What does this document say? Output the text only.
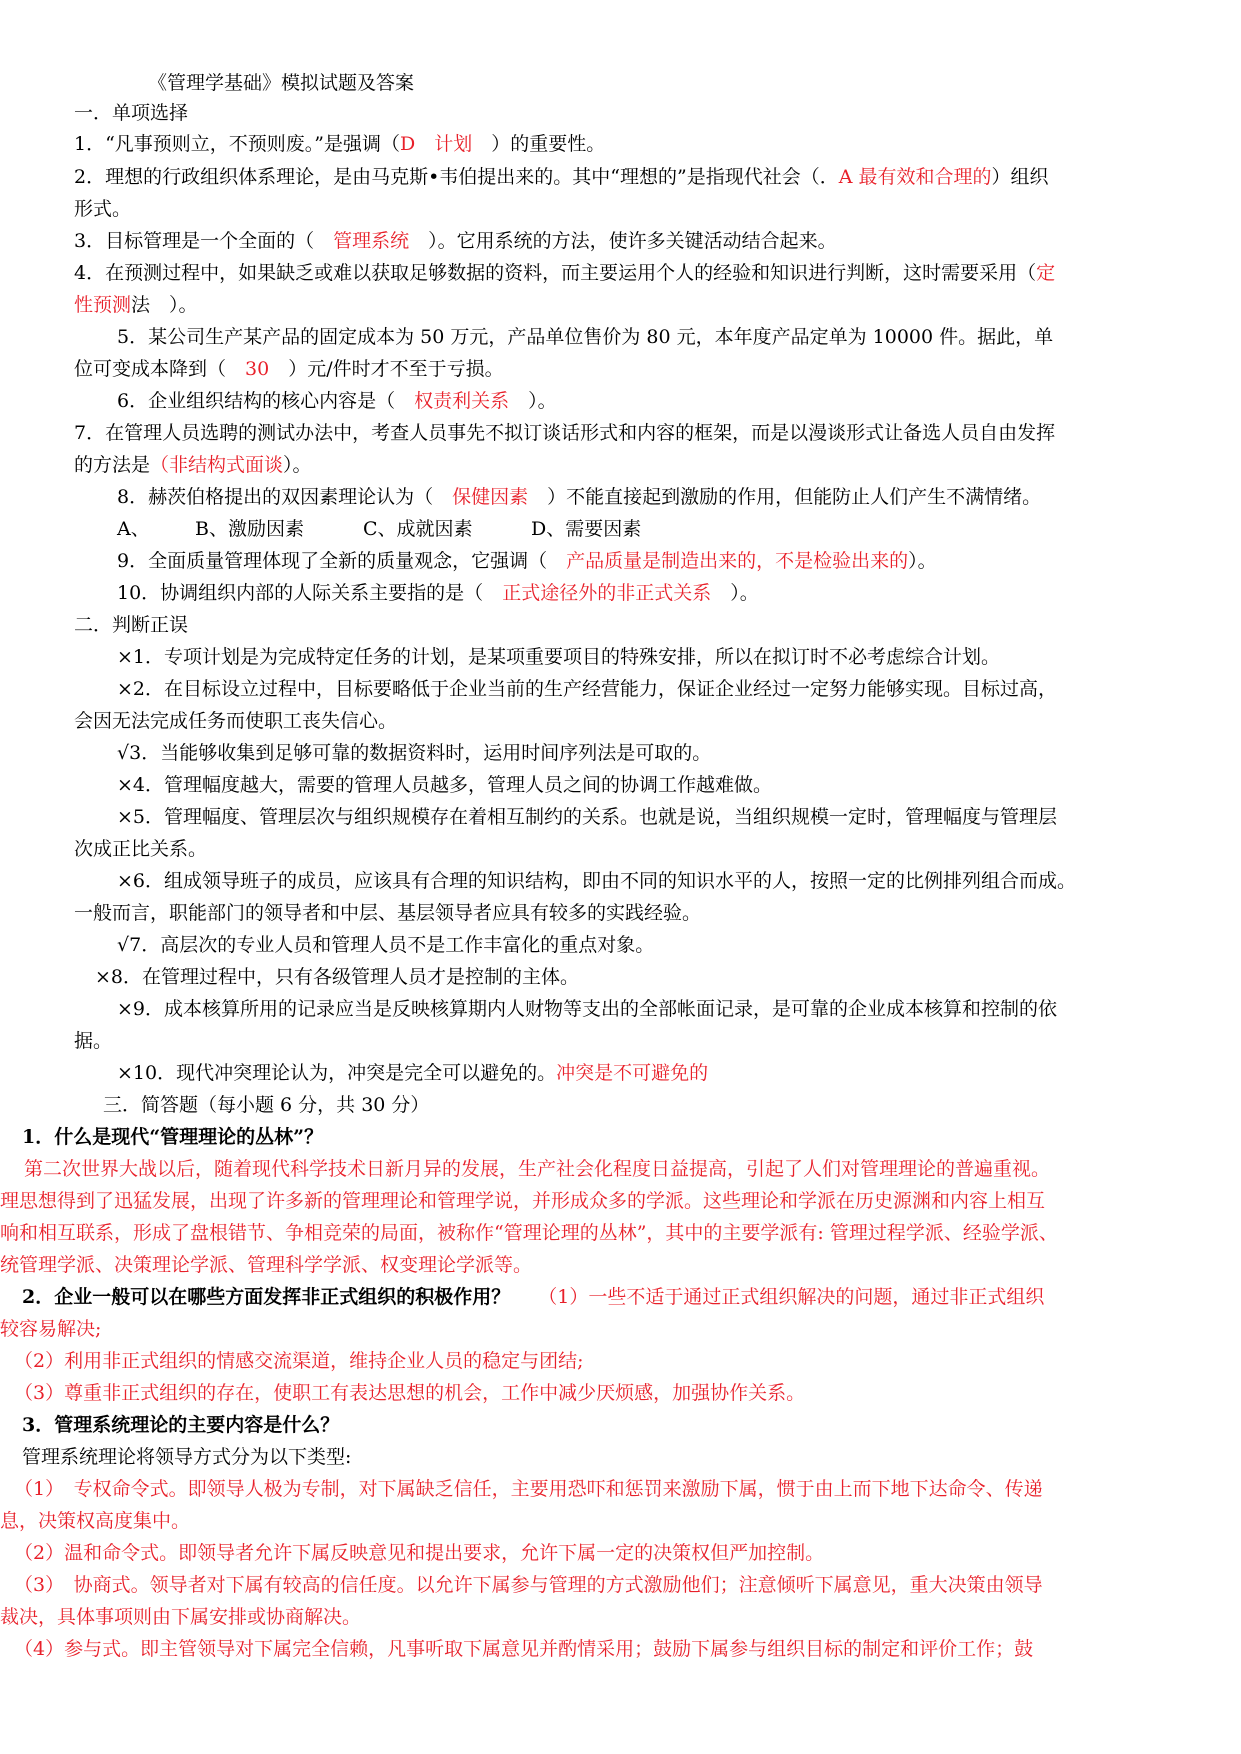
《管理学基础》模拟试题及答案
一．单项选择
1．“凡事预则立，不预则废。”是强调（D　计划　）的重要性。
2．理想的行政组织体系理论，是由马克斯•韦伯提出来的。其中“理想的”是指现代社会（．A 最有效和合理的）组织
形式。
3．目标管理是一个全面的（　管理系统　）。它用系统的方法，使许多关键活动结合起来。
4．在预测过程中，如果缺乏或难以获取足够数据的资料，而主要运用个人的经验和知识进行判断，这时需要采用（定
性预测法　）。
5．某公司生产某产品的固定成本为 50 万元，产品单位售价为 80 元，本年度产品定单为 10000 件。据此，单
位可变成本降到（　30　）元/件时才不至于亏损。
6．企业组织结构的核心内容是（　权责利关系　）。
7．在管理人员选聘的测试办法中，考查人员事先不拟订谈话形式和内容的框架，而是以漫谈形式让备选人员自由发挥
的方法是（非结构式面谈）。
8．赫茨伯格提出的双因素理论认为（　保健因素　）不能直接起到激励的作用，但能防止人们产生不满情绪。
A、 B、激励因素	C、成就因素	D、需要因素
9．全面质量管理体现了全新的质量观念，它强调（　产品质量是制造出来的，不是检验出来的）。
10．协调组织内部的人际关系主要指的是（　正式途径外的非正式关系　）。
二．判断正误
×1．专项计划是为完成特定任务的计划，是某项重要项目的特殊安排，所以在拟订时不必考虑综合计划。
×2．在目标设立过程中，目标要略低于企业当前的生产经营能力，保证企业经过一定努力能够实现。目标过高，
会因无法完成任务而使职工丧失信心。
√3．当能够收集到足够可靠的数据资料时，运用时间序列法是可取的。
×4．管理幅度越大，需要的管理人员越多，管理人员之间的协调工作越难做。
×5．管理幅度、管理层次与组织规模存在着相互制约的关系。也就是说，当组织规模一定时，管理幅度与管理层
次成正比关系。
×6．组成领导班子的成员，应该具有合理的知识结构，即由不同的知识水平的人，按照一定的比例排列组合而成。
一般而言，职能部门的领导者和中层、基层领导者应具有较多的实践经验。
√7．高层次的专业人员和管理人员不是工作丰富化的重点对象。
×8．在管理过程中，只有各级管理人员才是控制的主体。
×9．成本核算所用的记录应当是反映核算期内人财物等支出的全部帐面记录，是可靠的企业成本核算和控制的依
据。
×10．现代冲突理论认为，冲突是完全可以避免的。冲突是不可避免的
三．简答题（每小题 6 分，共 30 分）
1．什么是现代“管理理论的丛林”？
第二次世界大战以后，随着现代科学技术日新月异的发展，生产社会化程度日益提高，引起了人们对管理理论的普遍重视。
理思想得到了迅猛发展，出现了许多新的管理理论和管理学说，并形成众多的学派。这些理论和学派在历史源渊和内容上相互
响和相互联系，形成了盘根错节、争相竞荣的局面，被称作“管理论理的丛林”，其中的主要学派有: 管理过程学派、经验学派、
统管理学派、决策理论学派、管理科学学派、权变理论学派等。
2．企业一般可以在哪些方面发挥非正式组织的积极作用？ （1）一些不适于通过正式组织解决的问题，通过非正式组织
较容易解决;
（2）利用非正式组织的情感交流渠道，维持企业人员的稳定与团结;
（3）尊重非正式组织的存在，使职工有表达思想的机会，工作中减少厌烦感，加强协作关系。
3．管理系统理论的主要内容是什么？
管理系统理论将领导方式分为以下类型:
（1）　专权命令式。即领导人极为专制，对下属缺乏信任，主要用恐吓和惩罚来激励下属，惯于由上而下地下达命令、传递
息，决策权高度集中。
（2）温和命令式。即领导者允许下属反映意见和提出要求，允许下属一定的决策权但严加控制。
（3）　协商式。领导者对下属有较高的信任度。以允许下属参与管理的方式激励他们；注意倾听下属意见，重大决策由领导
裁决，具体事项则由下属安排或协商解决。
（4）参与式。即主管领导对下属完全信赖，凡事听取下属意见并酌情采用；鼓励下属参与组织目标的制定和评价工作；鼓
